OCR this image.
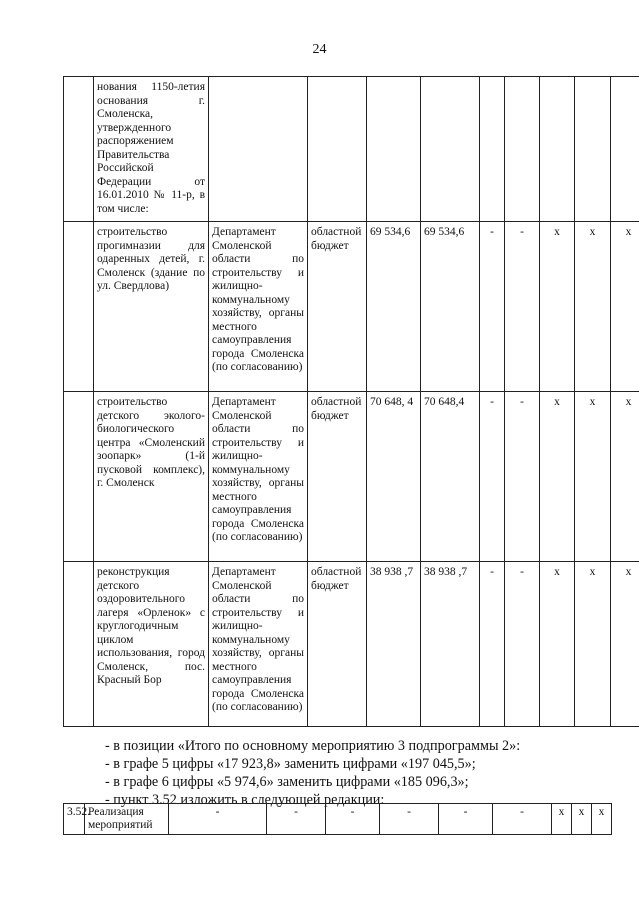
24
	нования 1150-летия основания г. Смоленска, утвержденного распоряжением Правительства Российской Федерации от 16.01.2010 № 11-р, в том числе:									
	строительство прогимназии для одаренных детей, г. Смоленск (здание по ул. Свердлова)	Департамент Смоленской области по строительству и жилищно-коммунальному хозяйству, органы местного самоуправления города Смоленска (по согласованию)	областной бюджет	69 534,6	69 534,6	-	-	х	х	х
	строительство детского эколого-биологического центра «Смоленский зоопарк» (1-й пусковой комплекс), г. Смоленск	Департамент Смоленской области по строительству и жилищно-коммунальному хозяйству, органы местного самоуправления города Смоленска (по согласованию)	областной бюджет	70 648, 4	70 648,4	-	-	х	х	х
	реконструкция детского оздоровительного лагеря «Орленок» с круглогодичным циклом использования, город Смоленск, пос. Красный Бор	Департамент Смоленской области по строительству и жилищно-коммунальному хозяйству, органы местного самоуправления города Смоленска (по согласованию)	областной бюджет	38 938 ,7	38 938 ,7	-	-	х	х	х
- в позиции «Итого по основному мероприятию 3 подпрограммы 2»:
- в графе 5 цифры «17 923,8» заменить цифрами «197 045,5»;
- в графе 6 цифры «5 974,6» заменить цифрами «185 096,3»;
- пункт 3.52 изложить в следующей редакции:
3.52.	Реализация мероприятий	-	-	-	-	-	-	х	х	х
